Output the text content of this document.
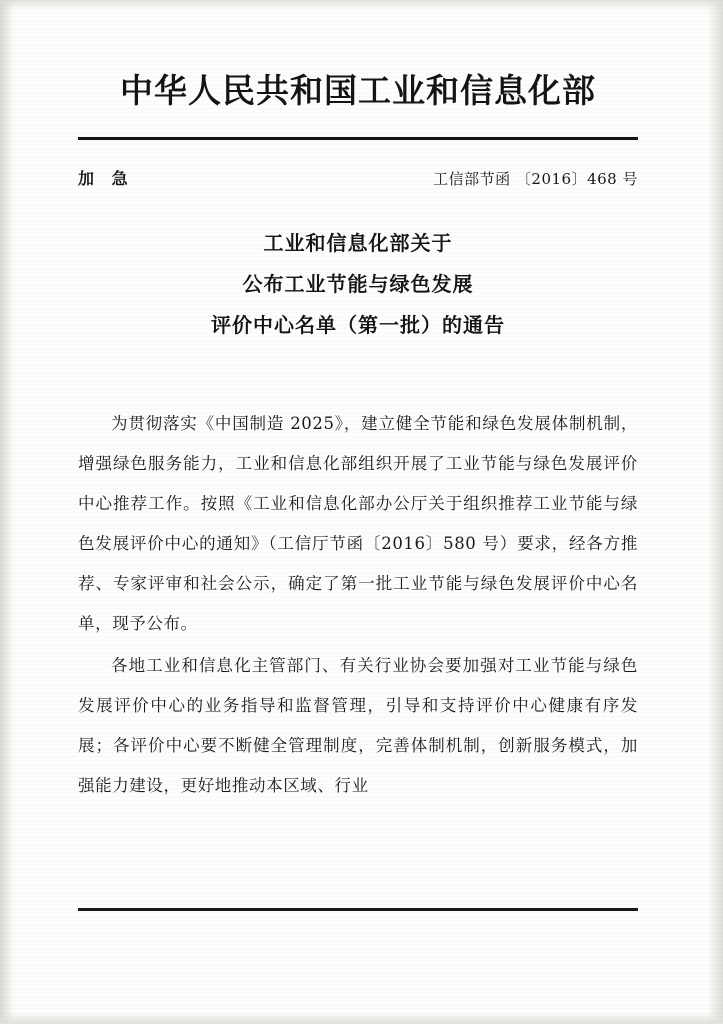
中华人民共和国工业和信息化部
加 急	工信部节函 〔2016〕468 号
工业和信息化部关于
公布工业节能与绿色发展
评价中心名单（第一批）的通告

为贯彻落实《中国制造 2025》，建立健全节能和绿色发展体制机制，增强绿色服务能力，工业和信息化部组织开展了工业节能与绿色发展评价中心推荐工作。按照《工业和信息化部办公厅关于组织推荐工业节能与绿色发展评价中心的通知》（工信厅节函〔2016〕580 号）要求，经各方推荐、专家评审和社会公示，确定了第一批工业节能与绿色发展评价中心名单，现予公布。

各地工业和信息化主管部门、有关行业协会要加强对工业节能与绿色发展评价中心的业务指导和监督管理，引导和支持评价中心健康有序发展；各评价中心要不断健全管理制度，完善体制机制，创新服务模式，加强能力建设，更好地推动本区域、行业
